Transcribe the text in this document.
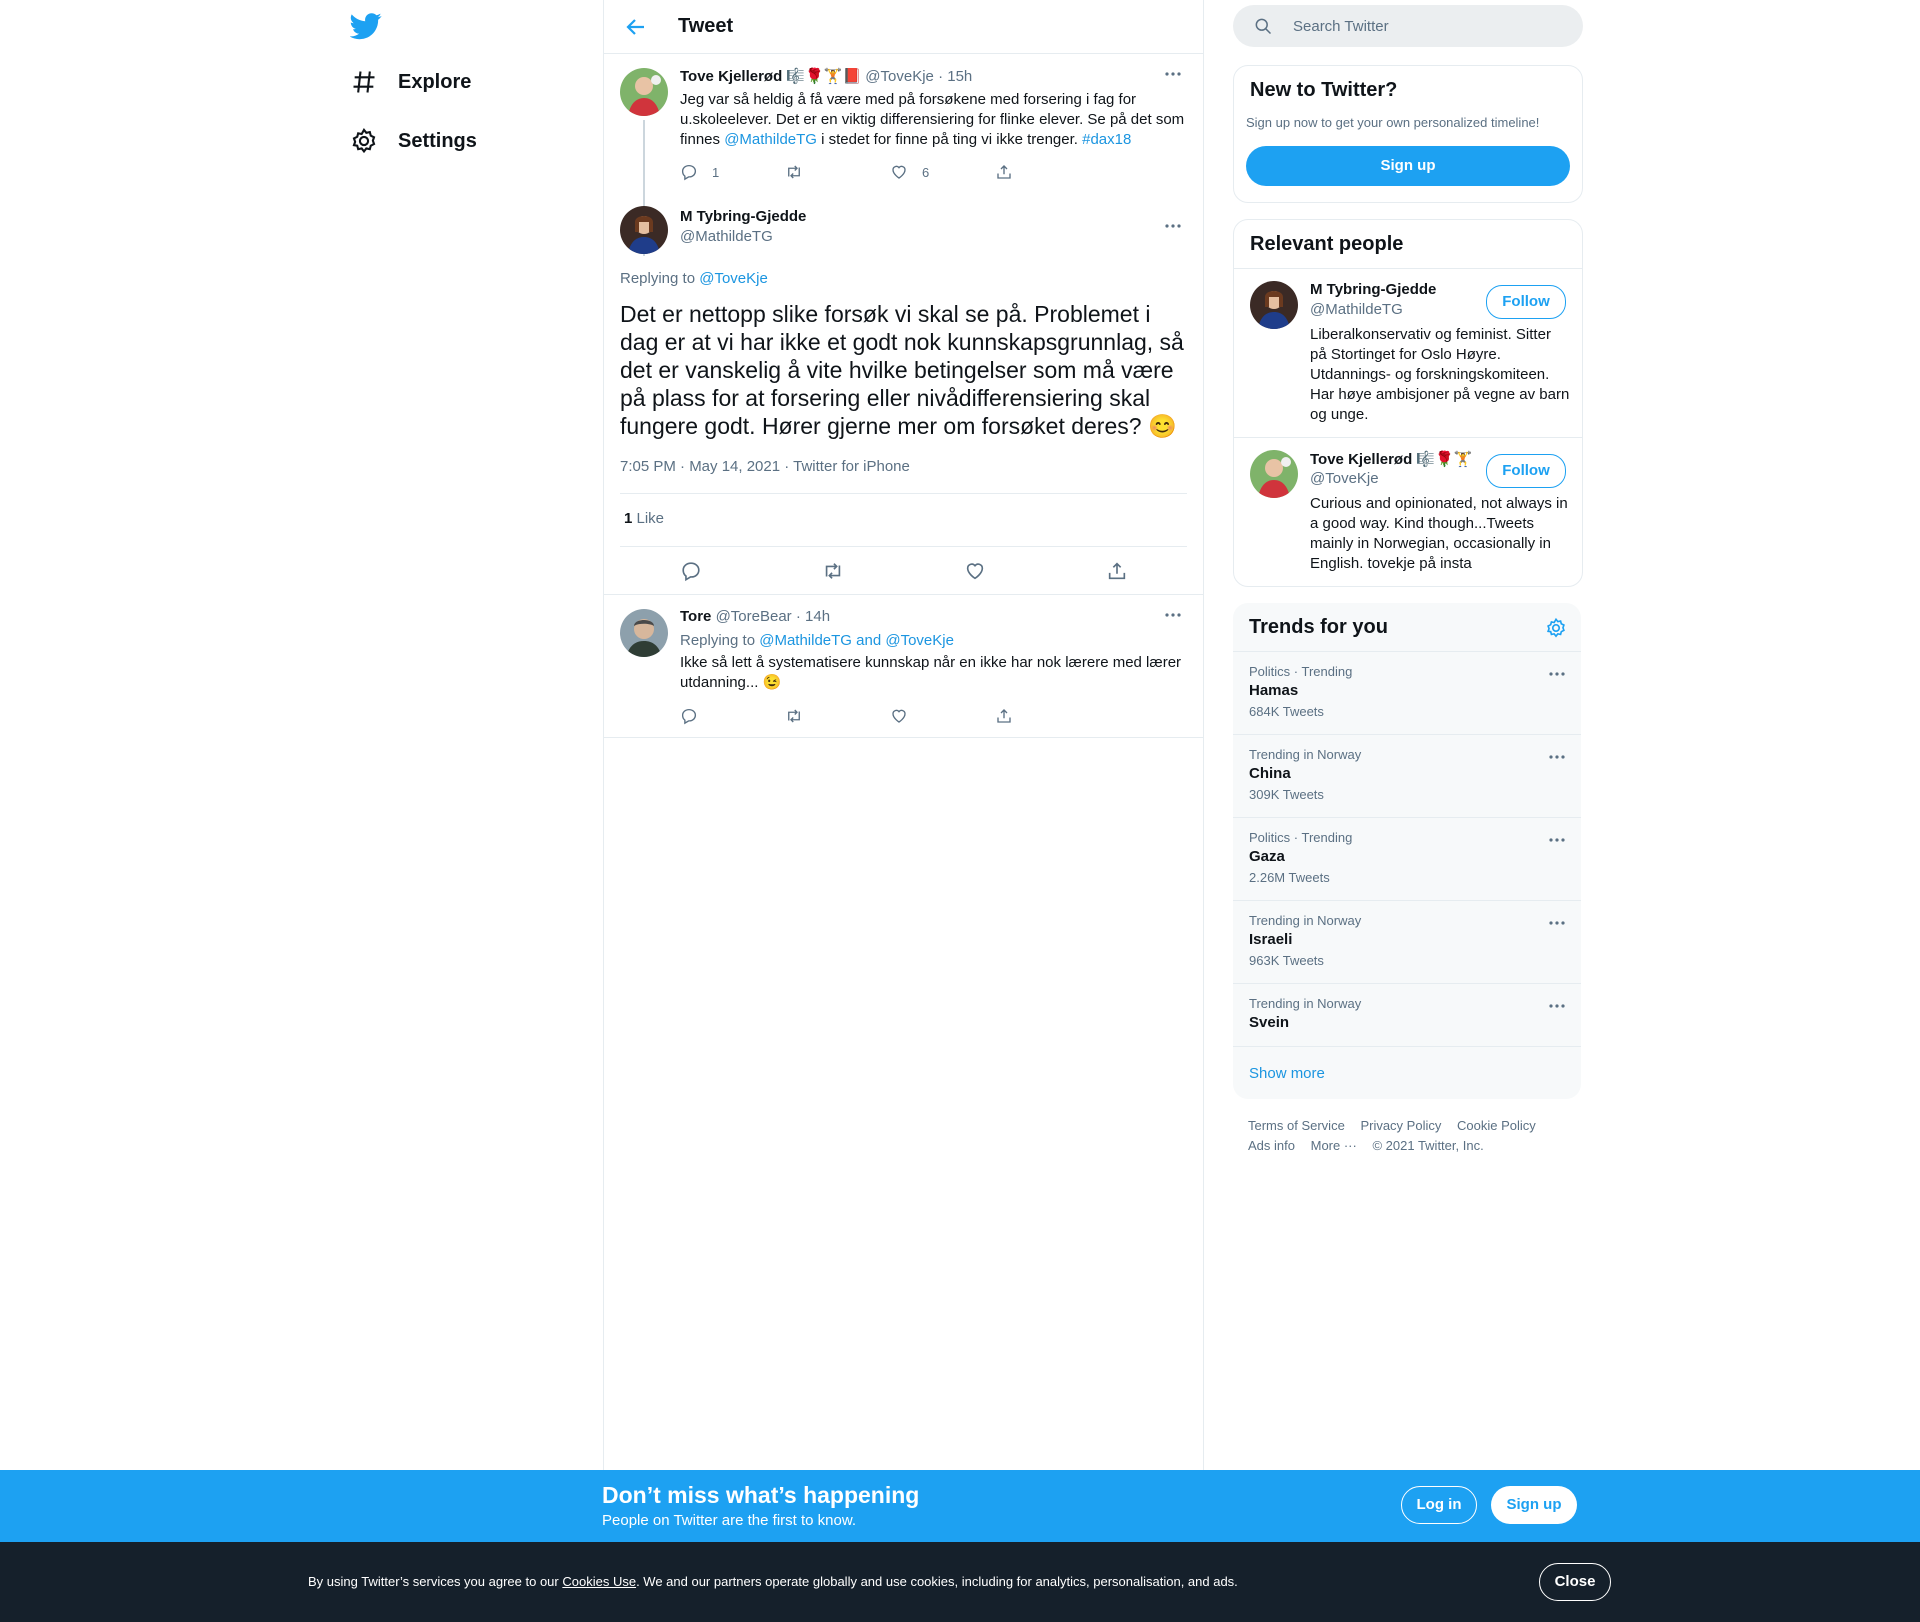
Explore
Settings
Tweet
Tove Kjellerød 🎼🌹🏋️📕 @ToveKje · 15h
Jeg var så heldig å få være med på forsøkene med forsering i fag for u.skoleelever. Det er en viktig differensiering for flinke elever. Se på det som finnes @MathildeTG i stedet for finne på ting vi ikke trenger. #dax18
1	6
M Tybring-Gjedde
@MathildeTG
Replying to @ToveKje
Det er nettopp slike forsøk vi skal se på. Problemet i dag er at vi har ikke et godt nok kunnskapsgrunnlag, så det er vanskelig å vite hvilke betingelser som må være på plass for at forsering eller nivådifferensiering skal fungere godt. Hører gjerne mer om forsøket deres? 😊
7:05 PM · May 14, 2021 · Twitter for iPhone
1 Like
Tore @ToreBear · 14h
Replying to @MathildeTG and @ToveKje
Ikke så lett å systematisere kunnskap når en ikke har nok lærere med lærer utdanning... 😉
Search Twitter
New to Twitter?
Sign up now to get your own personalized timeline!
Sign up
Relevant people
M Tybring-Gjedde
@MathildeTG	Follow
Liberalkonservativ og feminist. Sitter på Stortinget for Oslo Høyre. Utdannings- og forskningskomiteen. Har høye ambisjoner på vegne av barn og unge.
Tove Kjellerød 🎼🌹🏋️
@ToveKje	Follow
Curious and opinionated, not always in a good way. Kind though...Tweets mainly in Norwegian, occasionally in English. tovekje på insta
Trends for you
Politics · Trending
Hamas
684K Tweets
Trending in Norway
China
309K Tweets
Politics · Trending
Gaza
2.26M Tweets
Trending in Norway
Israeli
963K Tweets
Trending in Norway
Svein
Show more
Terms of Service Privacy Policy Cookie Policy
Ads info More ··· © 2021 Twitter, Inc.
Don’t miss what’s happening
People on Twitter are the first to know.
Log in	Sign up
By using Twitter’s services you agree to our Cookies Use. We and our partners operate globally and use cookies, including for analytics, personalisation, and ads.	Close
